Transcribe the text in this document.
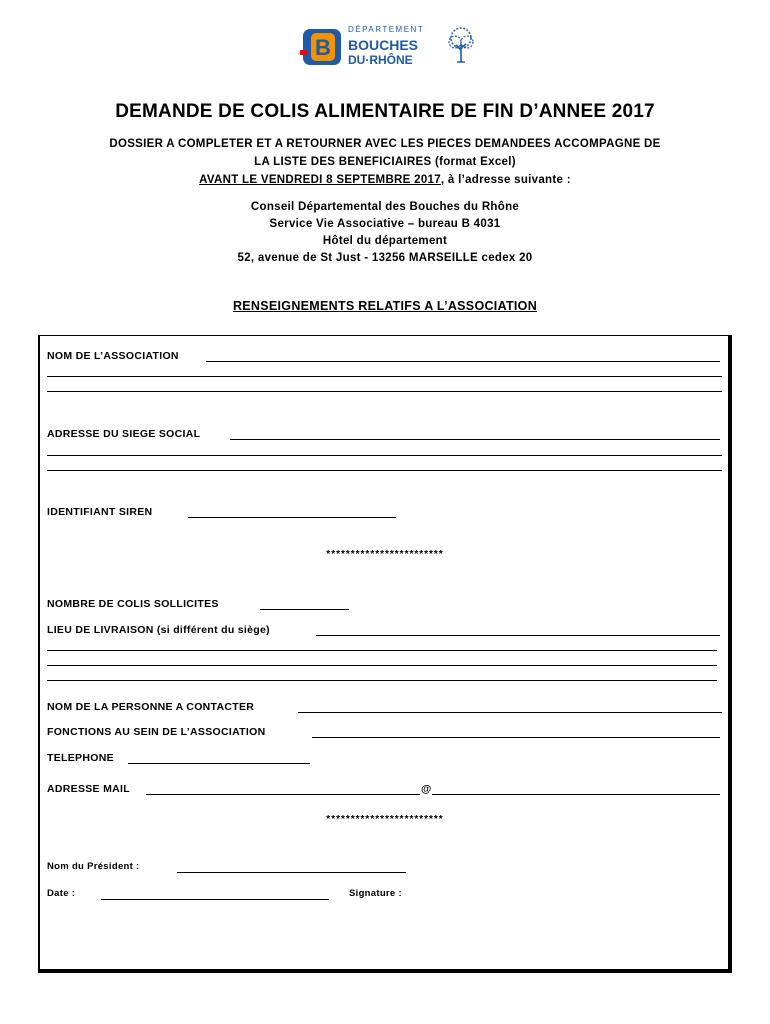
B
DÉPARTEMENT
BOUCHES
DU·RHÔNE
DEMANDE DE COLIS ALIMENTAIRE DE FIN D’ANNEE 2017
DOSSIER A COMPLETER ET A RETOURNER AVEC LES PIECES DEMANDEES ACCOMPAGNE DE
LA LISTE DES BENEFICIAIRES (format Excel)
AVANT LE VENDREDI 8 SEPTEMBRE 2017, à l’adresse suivante :
Conseil Départemental des Bouches du Rhône
Service Vie Associative – bureau B 4031
Hôtel du département
52, avenue de St Just - 13256 MARSEILLE cedex 20
RENSEIGNEMENTS RELATIFS A L’ASSOCIATION
NOM DE L’ASSOCIATION
ADRESSE DU SIEGE SOCIAL
IDENTIFIANT SIREN
************************
NOMBRE DE COLIS SOLLICITES
LIEU DE LIVRAISON (si différent du siège)
NOM DE LA PERSONNE A CONTACTER
FONCTIONS AU SEIN DE L’ASSOCIATION
TELEPHONE
ADRESSE MAIL	@
************************
Nom du Président :
Date :	Signature :
